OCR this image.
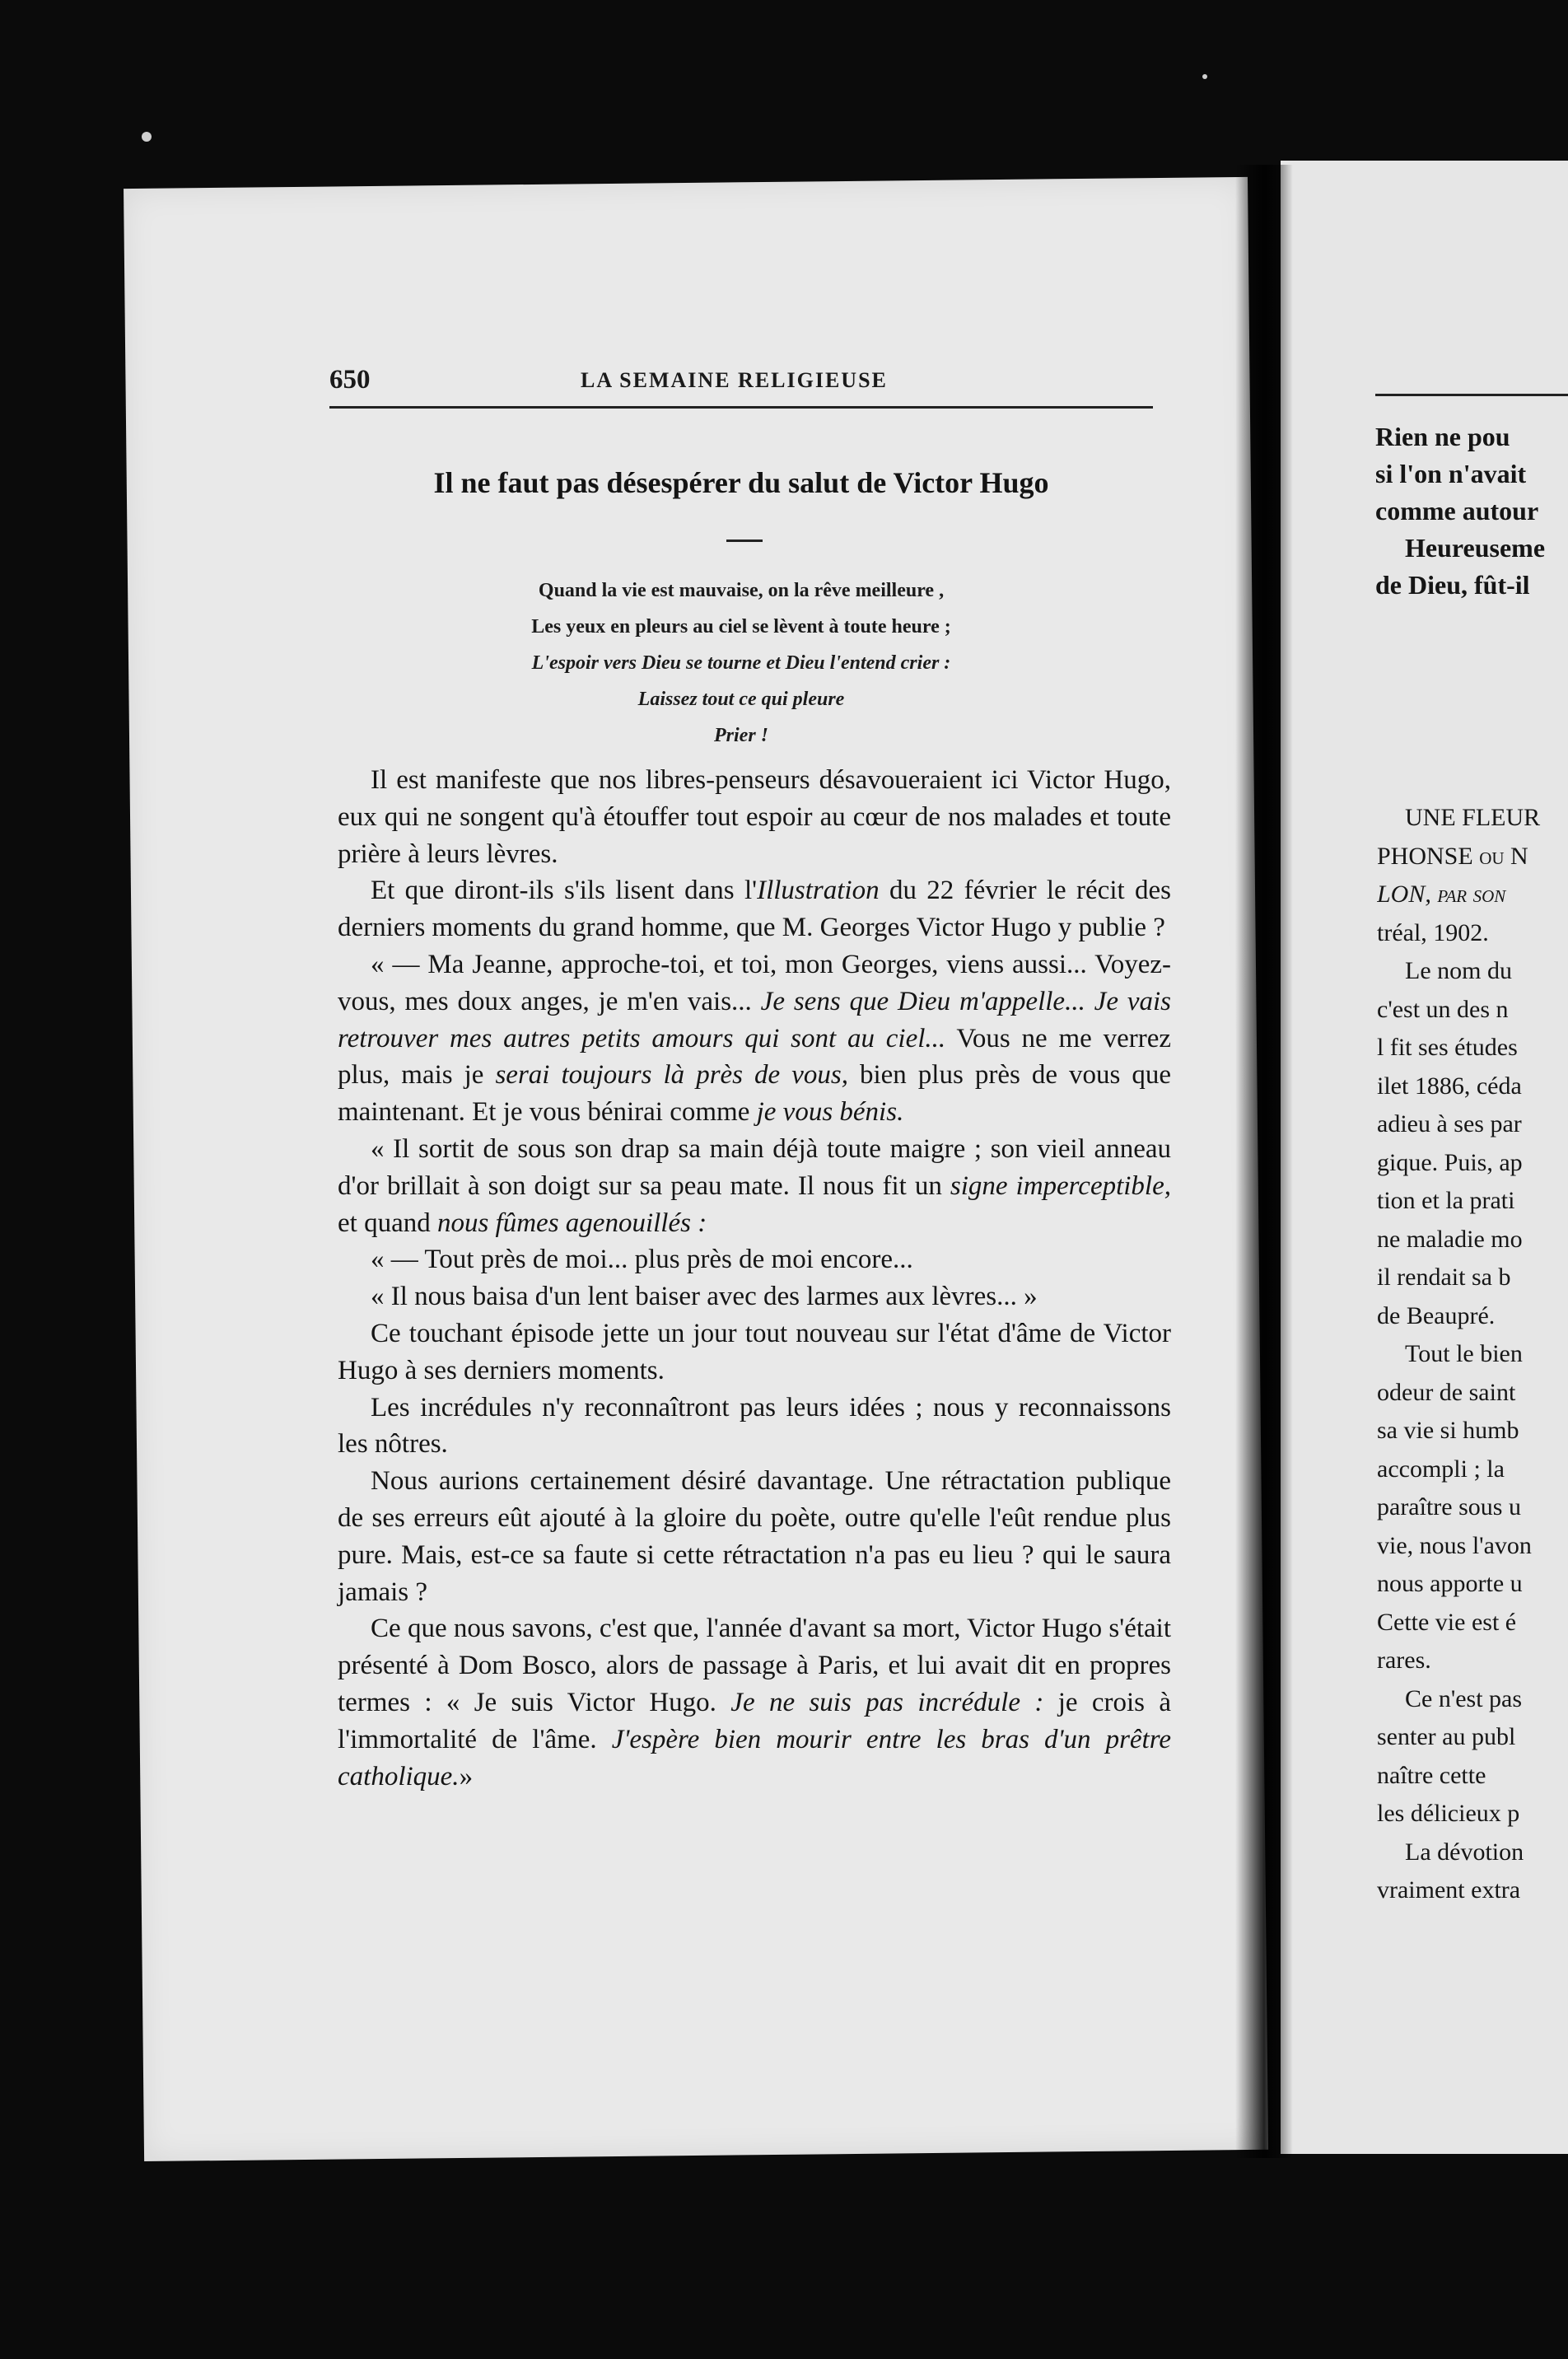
650	LA SEMAINE RELIGIEUSE
Il ne faut pas désespérer du salut de Victor Hugo
Quand la vie est mauvaise, on la rêve meilleure ,
Les yeux en pleurs au ciel se lèvent à toute heure ;
L'espoir vers Dieu se tourne et Dieu l'entend crier :
Laissez tout ce qui pleure
Prier !

Il est manifeste que nos libres-penseurs désavoueraient ici Victor Hugo, eux qui ne songent qu'à étouffer tout espoir au cœur de nos malades et toute prière à leurs lèvres.

Et que diront-ils s'ils lisent dans l'Illustration du 22 février le récit des derniers moments du grand homme, que M. Georges Victor Hugo y publie ?

« — Ma Jeanne, approche-toi, et toi, mon Georges, viens aussi... Voyez-vous, mes doux anges, je m'en vais... Je sens que Dieu m'appelle... Je vais retrouver mes autres petits amours qui sont au ciel... Vous ne me verrez plus, mais je serai toujours là près de vous, bien plus près de vous que maintenant. Et je vous bénirai comme je vous bénis.

« Il sortit de sous son drap sa main déjà toute maigre ; son vieil anneau d'or brillait à son doigt sur sa peau mate. Il nous fit un signe imperceptible, et quand nous fûmes agenouillés :

« — Tout près de moi... plus près de moi encore...

« Il nous baisa d'un lent baiser avec des larmes aux lèvres... »

Ce touchant épisode jette un jour tout nouveau sur l'état d'âme de Victor Hugo à ses derniers moments.

Les incrédules n'y reconnaîtront pas leurs idées ; nous y reconnaissons les nôtres.

Nous aurions certainement désiré davantage. Une rétractation publique de ses erreurs eût ajouté à la gloire du poète, outre qu'elle l'eût rendue plus pure. Mais, est-ce sa faute si cette rétractation n'a pas eu lieu ? qui le saura jamais ?

Ce que nous savons, c'est que, l'année d'avant sa mort, Victor Hugo s'était présenté à Dom Bosco, alors de passage à Paris, et lui avait dit en propres termes : « Je suis Victor Hugo. Je ne suis pas incrédule : je crois à l'immortalité de l'âme. J'espère bien mourir entre les bras d'un prêtre catholique.»

Rien ne pou
si l'on n'avait
comme autour
Heureuseme
de Dieu, fût-il
UNE FLEUR
PHONSE ou N
LON, par son
tréal, 1902.
Le nom du
c'est un des n
l fit ses études
ilet 1886, céda
adieu à ses par
gique. Puis, ap
tion et la prati
ne maladie mo
il rendait sa b
de Beaupré.
Tout le bien
odeur de saint
sa vie si humb
accompli ; la
paraître sous u
vie, nous l'avon
nous apporte u
Cette vie est é
rares.
Ce n'est pas
senter au publ
naître cette
les délicieux p
La dévotion
vraiment extra
